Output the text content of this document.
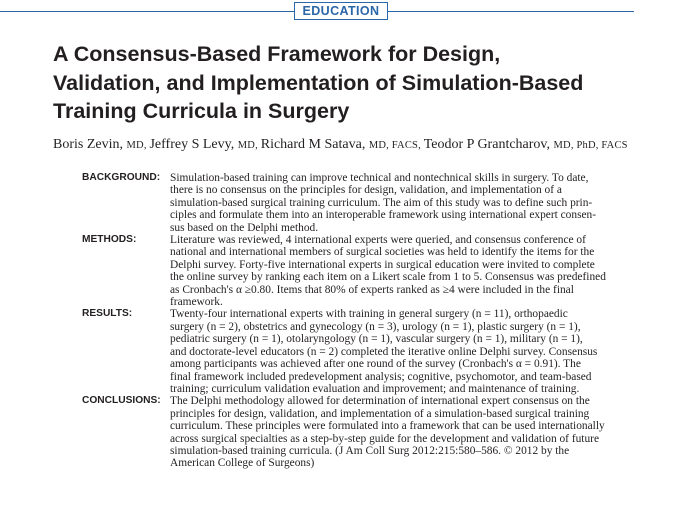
EDUCATION
A Consensus-Based Framework for Design,
Validation, and Implementation of Simulation-Based
Training Curricula in Surgery
Boris Zevin, MD, Jeffrey S Levy, MD, Richard M Satava, MD, FACS, Teodor P Grantcharov, MD, PhD, FACS
BACKGROUND: Simulation-based training can improve technical and nontechnical skills in surgery. To date,
there is no consensus on the principles for design, validation, and implementation of a
simulation-based surgical training curriculum. The aim of this study was to define such prin-
ciples and formulate them into an interoperable framework using international expert consen-
sus based on the Delphi method.
METHODS:	Literature was reviewed, 4 international experts were queried, and consensus conference of
national and international members of surgical societies was held to identify the items for the
Delphi survey. Forty-five international experts in surgical education were invited to complete
the online survey by ranking each item on a Likert scale from 1 to 5. Consensus was predefined
as Cronbach's α ≥0.80. Items that 80% of experts ranked as ≥4 were included in the final
framework.
RESULTS:	Twenty-four international experts with training in general surgery (n = 11), orthopaedic
surgery (n = 2), obstetrics and gynecology (n = 3), urology (n = 1), plastic surgery (n = 1),
pediatric surgery (n = 1), otolaryngology (n = 1), vascular surgery (n = 1), military (n = 1),
and doctorate-level educators (n = 2) completed the iterative online Delphi survey. Consensus
among participants was achieved after one round of the survey (Cronbach's α = 0.91). The
final framework included predevelopment analysis; cognitive, psychomotor, and team-based
training; curriculum validation evaluation and improvement; and maintenance of training.
CONCLUSIONS: The Delphi methodology allowed for determination of international expert consensus on the
principles for design, validation, and implementation of a simulation-based surgical training
curriculum. These principles were formulated into a framework that can be used internationally
across surgical specialties as a step-by-step guide for the development and validation of future
simulation-based training curricula. (J Am Coll Surg 2012:215:580–586. © 2012 by the
American College of Surgeons)
